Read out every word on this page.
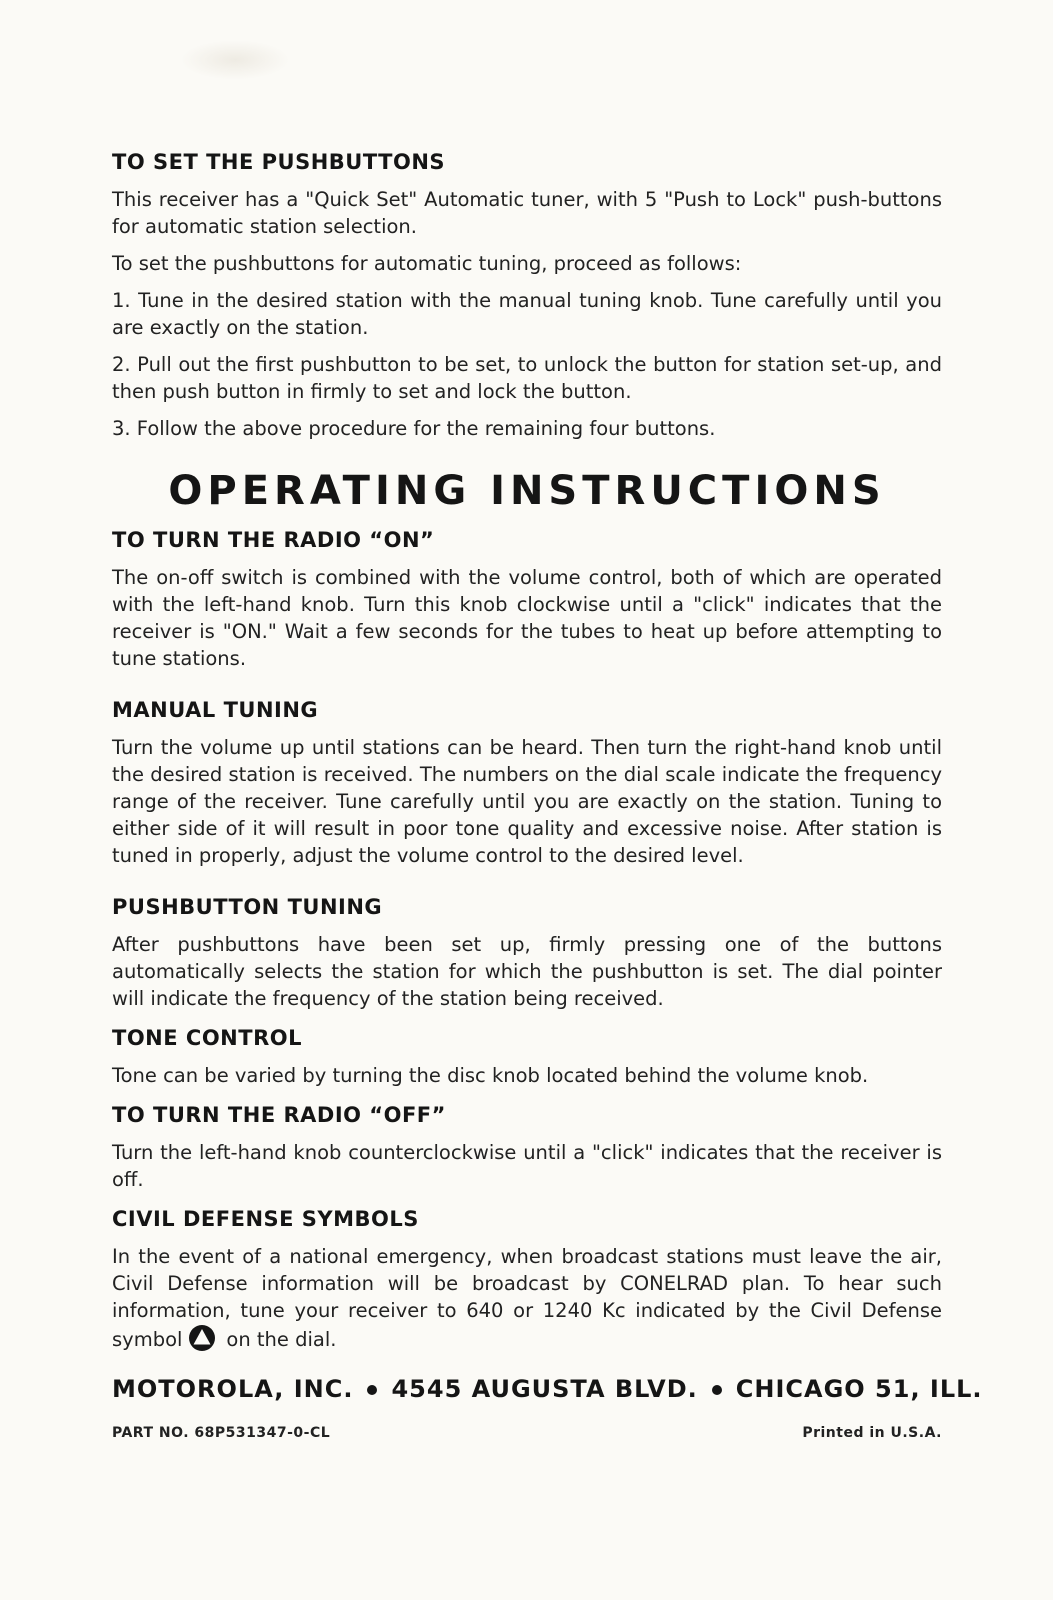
TO SET THE PUSHBUTTONS

This receiver has a "Quick Set" Automatic tuner, with 5 "Push to Lock" push-buttons for automatic station selection.

To set the pushbuttons for automatic tuning, proceed as follows:

1. Tune in the desired station with the manual tuning knob. Tune carefully until you are exactly on the station.

2. Pull out the first pushbutton to be set, to unlock the button for station set-up, and then push button in firmly to set and lock the button.

3. Follow the above procedure for the remaining four buttons.

OPERATING INSTRUCTIONS
TO TURN THE RADIO “ON”

The on-off switch is combined with the volume control, both of which are operated with the left-hand knob. Turn this knob clockwise until a "click" indicates that the receiver is "ON." Wait a few seconds for the tubes to heat up before attempting to tune stations.

MANUAL TUNING

Turn the volume up until stations can be heard. Then turn the right-hand knob until the desired station is received. The numbers on the dial scale indicate the frequency range of the receiver. Tune carefully until you are exactly on the station. Tuning to either side of it will result in poor tone quality and excessive noise. After station is tuned in properly, adjust the volume control to the desired level.

PUSHBUTTON TUNING

After pushbuttons have been set up, firmly pressing one of the buttons automatically selects the station for which the pushbutton is set. The dial pointer will indicate the frequency of the station being received.

TONE CONTROL

Tone can be varied by turning the disc knob located behind the volume knob.

TO TURN THE RADIO “OFF”

Turn the left-hand knob counterclockwise until a "click" indicates that the receiver is off.

CIVIL DEFENSE SYMBOLS

In the event of a national emergency, when broadcast stations must leave the air, Civil Defense information will be broadcast by CONELRAD plan. To hear such information, tune your receiver to 640 or 1240 Kc indicated by the Civil Defense symbol on the dial.

MOTOROLA, INC. 4545 AUGUSTA BLVD. CHICAGO 51, ILL.
PART NO. 68P531347-0-CL	Printed in U.S.A.
